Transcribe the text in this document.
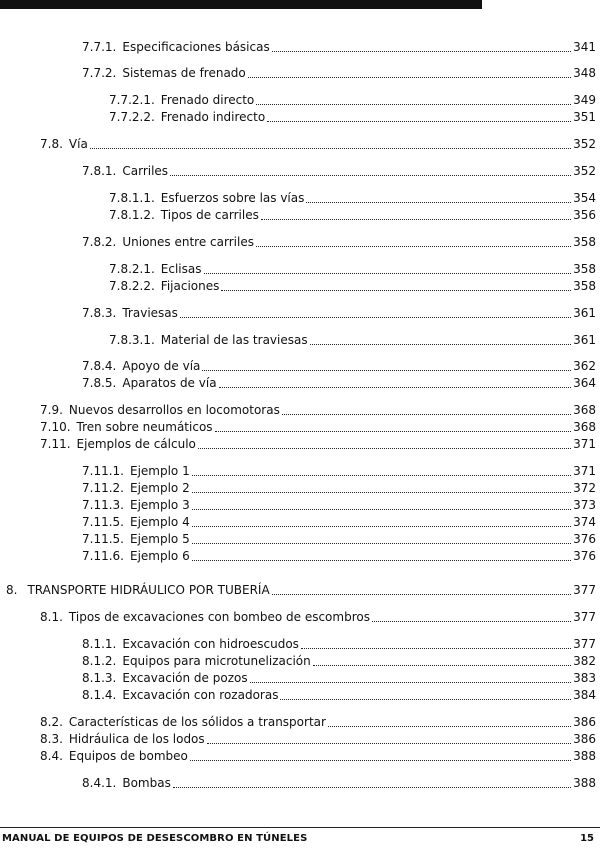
7.7.1. Especificaciones básicas	341
7.7.2. Sistemas de frenado	348
7.7.2.1. Frenado directo	349
7.7.2.2. Frenado indirecto	351
7.8. Vía	352
7.8.1. Carriles	352
7.8.1.1. Esfuerzos sobre las vías	354
7.8.1.2. Tipos de carriles	356
7.8.2. Uniones entre carriles	358
7.8.2.1. Eclisas	358
7.8.2.2. Fijaciones	358
7.8.3. Traviesas	361
7.8.3.1. Material de las traviesas	361
7.8.4. Apoyo de vía	362
7.8.5. Aparatos de vía	364
7.9. Nuevos desarrollos en locomotoras	368
7.10. Tren sobre neumáticos	368
7.11. Ejemplos de cálculo	371
7.11.1. Ejemplo 1	371
7.11.2. Ejemplo 2	372
7.11.3. Ejemplo 3	373
7.11.5. Ejemplo 4	374
7.11.5. Ejemplo 5	376
7.11.6. Ejemplo 6	376
8. TRANSPORTE HIDRÁULICO POR TUBERÍA	377
8.1. Tipos de excavaciones con bombeo de escombros	377
8.1.1. Excavación con hidroescudos	377
8.1.2. Equipos para microtunelización	382
8.1.3. Excavación de pozos	383
8.1.4. Excavación con rozadoras	384
8.2. Características de los sólidos a transportar	386
8.3. Hidráulica de los lodos	386
8.4. Equipos de bombeo	388
8.4.1. Bombas	388
MANUAL DE EQUIPOS DE DESESCOMBRO EN TÚNELES	15
